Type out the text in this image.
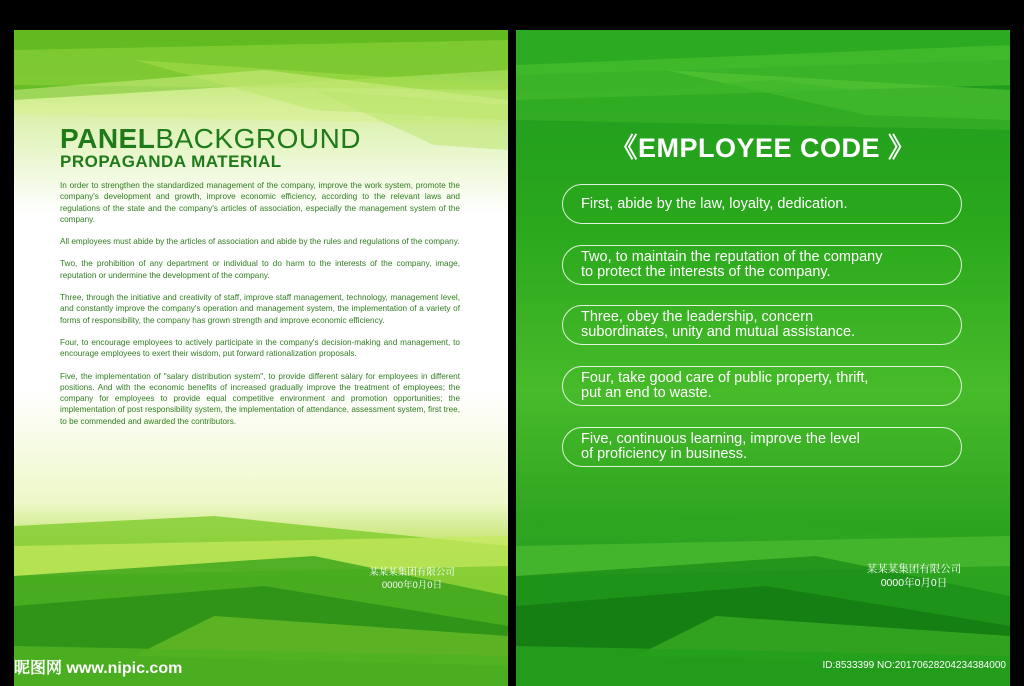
PANELBACKGROUND
PROPAGANDA MATERIAL

In order to strengthen the standardized management of the company, improve the work system, promote the company's development and growth, improve economic efficiency, according to the relevant laws and regulations of the state and the company's articles of association, especially the management system of the company.

All employees must abide by the articles of association and abide by the rules and regulations of the company.

Two, the prohibition of any department or individual to do harm to the interests of the company, image, reputation or undermine the development of the company.

Three, through the initiative and creativity of staff, improve staff management, technology, management level, and constantly improve the company's operation and management system, the implementation of a variety of forms of responsibility, the company has grown strength and improve economic efficiency.

Four, to encourage employees to actively participate in the company's decision-making and management, to encourage employees to exert their wisdom, put forward rationalization proposals.

Five, the implementation of "salary distribution system", to provide different salary for employees in different positions. And with the economic benefits of increased gradually improve the treatment of employees; the company for employees to provide equal competitive environment and promotion opportunities; the implementation of post responsibility system, the implementation of attendance, assessment system, first tree, to be commended and awarded the contributors.

某某某集团有限公司
0000年0月0日
《EMPLOYEE CODE 》
First, abide by the law, loyalty, dedication.
Two, to maintain the reputation of the company
to protect the interests of the company.
Three, obey the leadership, concern
subordinates, unity and mutual assistance.
Four, take good care of public property, thrift,
put an end to waste.
Five, continuous learning, improve the level
of proficiency in business.
某某某集团有限公司
0000年0月0日
昵图网 www.nipic.com	ID:8533399 NO:20170628204234384000
